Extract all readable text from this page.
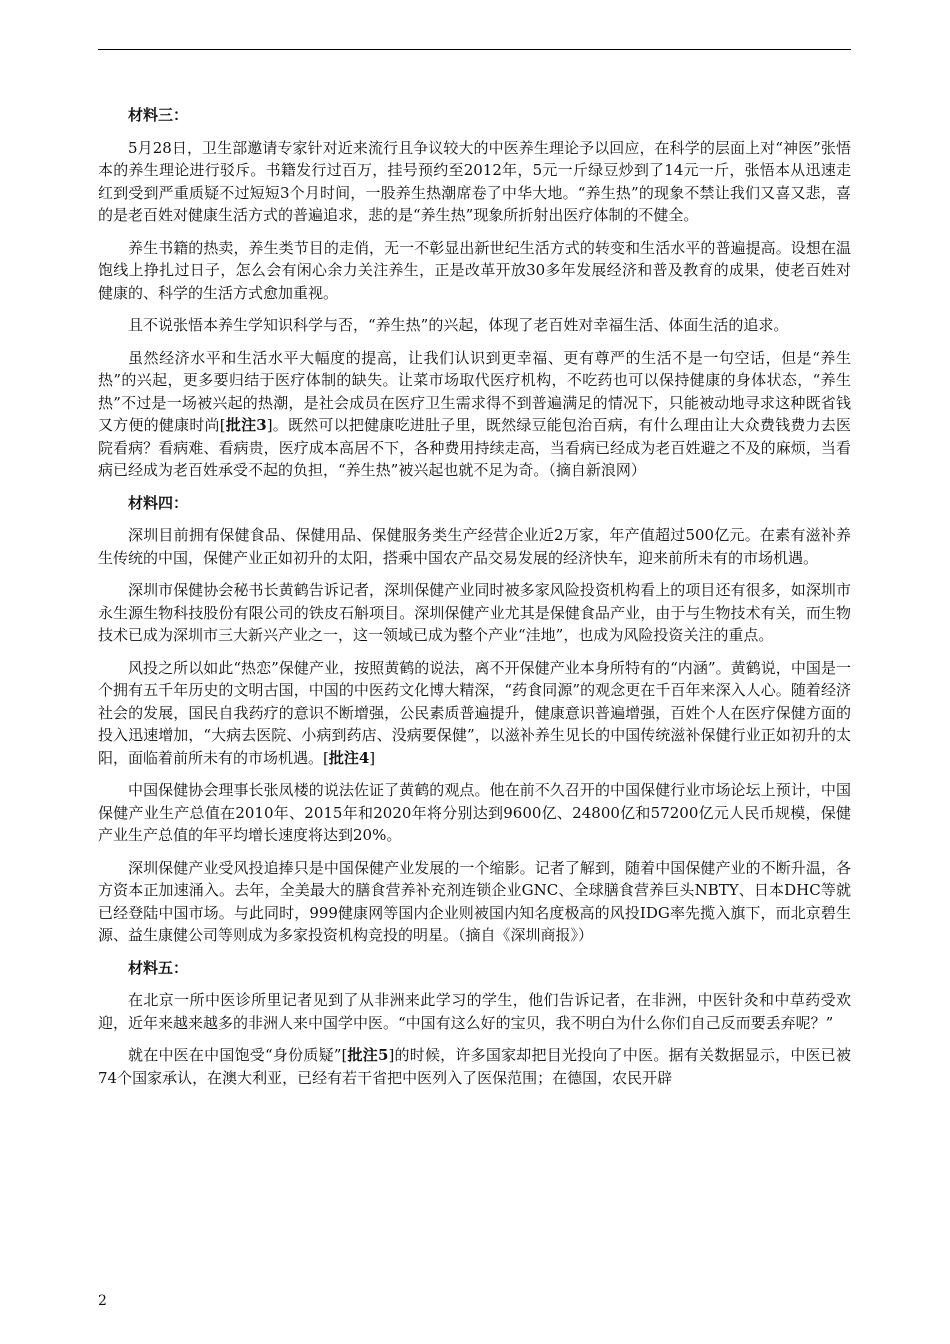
材料三：

5月28日，卫生部邀请专家针对近来流行且争议较大的中医养生理论予以回应，在科学的层面上对“神医”张悟本的养生理论进行驳斥。书籍发行过百万，挂号预约至2012年，5元一斤绿豆炒到了14元一斤，张悟本从迅速走红到受到严重质疑不过短短3个月时间，一股养生热潮席卷了中华大地。“养生热”的现象不禁让我们又喜又悲，喜的是老百姓对健康生活方式的普遍追求，悲的是“养生热”现象所折射出医疗体制的不健全。

养生书籍的热卖，养生类节目的走俏，无一不彰显出新世纪生活方式的转变和生活水平的普遍提高。设想在温饱线上挣扎过日子，怎么会有闲心余力关注养生，正是改革开放30多年发展经济和普及教育的成果，使老百姓对健康的、科学的生活方式愈加重视。

且不说张悟本养生学知识科学与否，“养生热”的兴起，体现了老百姓对幸福生活、体面生活的追求。

虽然经济水平和生活水平大幅度的提高，让我们认识到更幸福、更有尊严的生活不是一句空话，但是“养生热”的兴起，更多要归结于医疗体制的缺失。让菜市场取代医疗机构，不吃药也可以保持健康的身体状态，“养生热”不过是一场被兴起的热潮，是社会成员在医疗卫生需求得不到普遍满足的情况下，只能被动地寻求这种既省钱又方便的健康时尚[批注3]。既然可以把健康吃进肚子里，既然绿豆能包治百病，有什么理由让大众费钱费力去医院看病？看病难、看病贵，医疗成本高居不下，各种费用持续走高，当看病已经成为老百姓避之不及的麻烦，当看病已经成为老百姓承受不起的负担，“养生热”被兴起也就不足为奇。（摘自新浪网）

材料四：

深圳目前拥有保健食品、保健用品、保健服务类生产经营企业近2万家，年产值超过500亿元。在素有滋补养生传统的中国，保健产业正如初升的太阳，搭乘中国农产品交易发展的经济快车，迎来前所未有的市场机遇。

深圳市保健协会秘书长黄鹤告诉记者，深圳保健产业同时被多家风险投资机构看上的项目还有很多，如深圳市永生源生物科技股份有限公司的铁皮石斛项目。深圳保健产业尤其是保健食品产业，由于与生物技术有关，而生物技术已成为深圳市三大新兴产业之一，这一领域已成为整个产业“洼地”，也成为风险投资关注的重点。

风投之所以如此“热恋”保健产业，按照黄鹤的说法，离不开保健产业本身所特有的“内涵”。黄鹤说，中国是一个拥有五千年历史的文明古国，中国的中医药文化博大精深，“药食同源”的观念更在千百年来深入人心。随着经济社会的发展，国民自我药疗的意识不断增强，公民素质普遍提升，健康意识普遍增强，百姓个人在医疗保健方面的投入迅速增加，“大病去医院、小病到药店、没病要保健”，以滋补养生见长的中国传统滋补保健行业正如初升的太阳，面临着前所未有的市场机遇。[批注4]

中国保健协会理事长张凤楼的说法佐证了黄鹤的观点。他在前不久召开的中国保健行业市场论坛上预计，中国保健产业生产总值在2010年、2015年和2020年将分别达到9600亿、24800亿和57200亿元人民币规模，保健产业生产总值的年平均增长速度将达到20%。

深圳保健产业受风投追捧只是中国保健产业发展的一个缩影。记者了解到，随着中国保健产业的不断升温，各方资本正加速涌入。去年，全美最大的膳食营养补充剂连锁企业GNC、全球膳食营养巨头NBTY、日本DHC等就已经登陆中国市场。与此同时，999健康网等国内企业则被国内知名度极高的风投IDG率先揽入旗下，而北京碧生源、益生康健公司等则成为多家投资机构竞投的明星。（摘自《深圳商报》）

材料五：

在北京一所中医诊所里记者见到了从非洲来此学习的学生，他们告诉记者，在非洲，中医针灸和中草药受欢迎，近年来越来越多的非洲人来中国学中医。“中国有这么好的宝贝，我不明白为什么你们自己反而要丢弃呢？”

就在中医在中国饱受“身份质疑”[批注5]的时候，许多国家却把目光投向了中医。据有关数据显示，中医已被74个国家承认，在澳大利亚，已经有若干省把中医列入了医保范围；在德国，农民开辟

2
